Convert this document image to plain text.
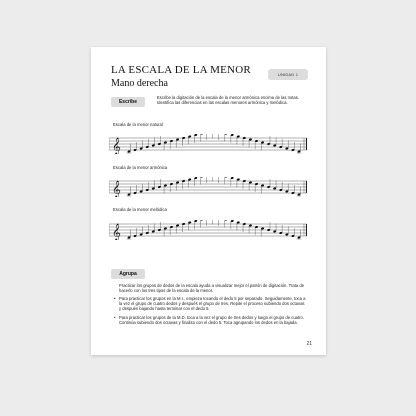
LA ESCALA DE LA MENOR
Mano derecha
UNIDAD 1
Escribe
Escribe la digitación de la escala de la menor armónica encima de las notas. Identifica las diferencias en las escalas menores armónica y melódica.
Escala de la menor natural
𝄞
Escala de la menor armónica
𝄞
Escala de la menor melódica
𝄞
Agrupa
Practicar los grupos de dedos de la escala ayuda a visualizar mejor el patrón de digitación. Trata de hacerlo con los tres tipos de la escala de la menor.
• Para practicar los grupos en la M.I., empieza tocando el dedo 5 por separado. Seguidamente, toca a la vez el grupo de cuatro dedos y después el grupo de tres. Repite el proceso subiendo dos octavas y después bajando hasta terminar con el dedo 5.
• Para practicar los grupos de la M.D. toca a la vez el grupo de tres dedos y luego el grupo de cuatro. Continúa subiendo dos octavas y finaliza con el dedo 5. Toca agrupando los dedos en la bajada.
21
